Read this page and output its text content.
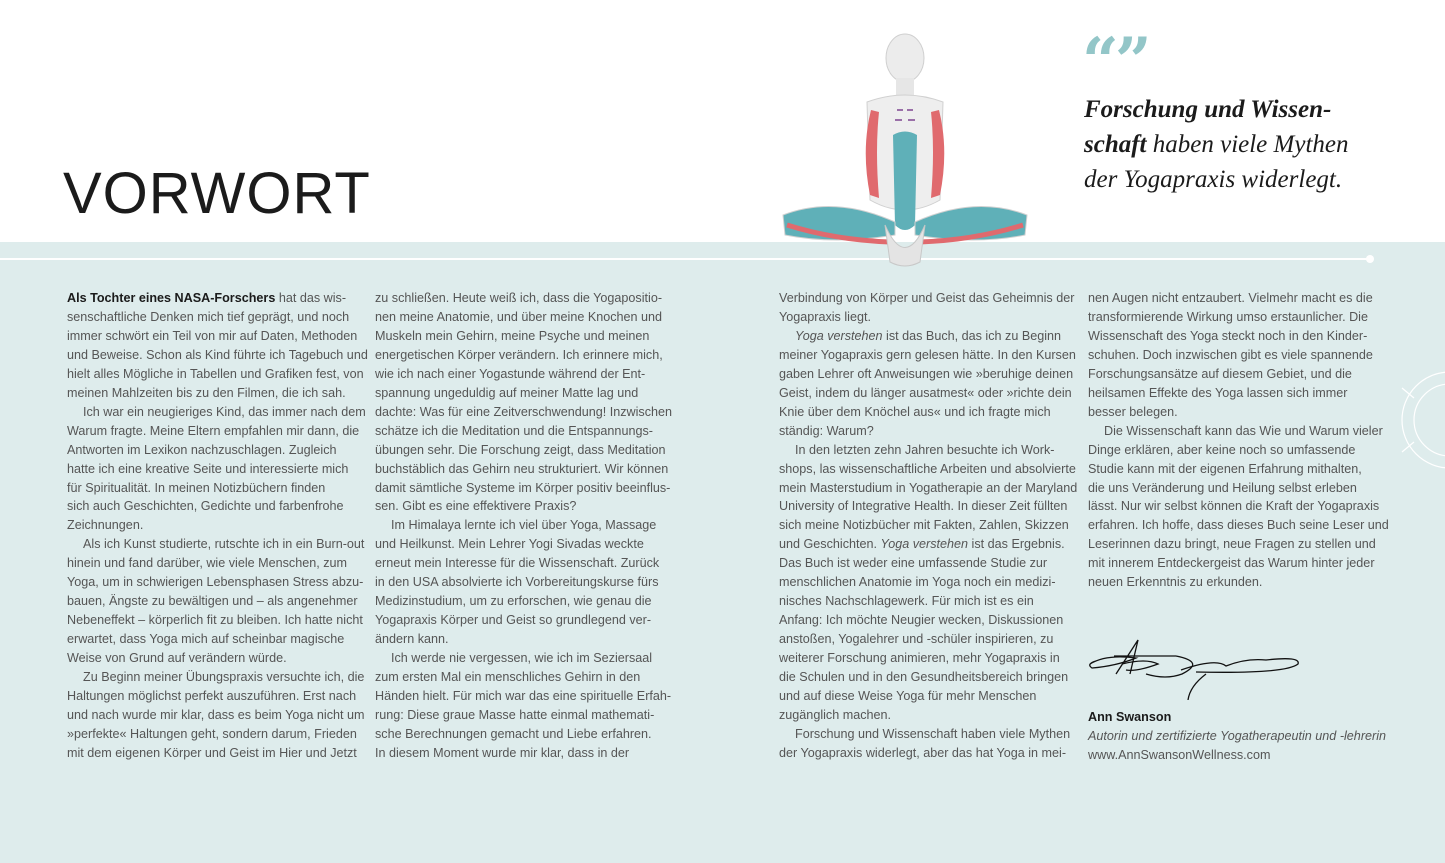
VORWORT
“”
Forschung und Wissen-
schaft haben viele Mythen
der Yogapraxis widerlegt.
Als Tochter eines NASA-Forschers hat das wis-
senschaftliche Denken mich tief geprägt, und noch
immer schwört ein Teil von mir auf Daten, Methoden
und Beweise. Schon als Kind führte ich Tagebuch und
hielt alles Mögliche in Tabellen und Grafiken fest, von
meinen Mahlzeiten bis zu den Filmen, die ich sah.
Ich war ein neugieriges Kind, das immer nach dem
Warum fragte. Meine Eltern empfahlen mir dann, die
Antworten im Lexikon nachzuschlagen. Zugleich
hatte ich eine kreative Seite und interessierte mich
für Spiritualität. In meinen Notizbüchern finden
sich auch Geschichten, Gedichte und farbenfrohe
Zeichnungen.
Als ich Kunst studierte, rutschte ich in ein Burn-out
hinein und fand darüber, wie viele Menschen, zum
Yoga, um in schwierigen Lebensphasen Stress abzu-
bauen, Ängste zu bewältigen und – als angenehmer
Nebeneffekt – körperlich fit zu bleiben. Ich hatte nicht
erwartet, dass Yoga mich auf scheinbar magische
Weise von Grund auf verändern würde.
Zu Beginn meiner Übungspraxis versuchte ich, die
Haltungen möglichst perfekt auszuführen. Erst nach
und nach wurde mir klar, dass es beim Yoga nicht um
»perfekte« Haltungen geht, sondern darum, Frieden
mit dem eigenen Körper und Geist im Hier und Jetzt
zu schließen. Heute weiß ich, dass die Yogapositio-
nen meine Anatomie, und über meine Knochen und
Muskeln mein Gehirn, meine Psyche und meinen
energetischen Körper verändern. Ich erinnere mich,
wie ich nach einer Yogastunde während der Ent-
spannung ungeduldig auf meiner Matte lag und
dachte: Was für eine Zeitverschwendung! Inzwischen
schätze ich die Meditation und die Entspannungs-
übungen sehr. Die Forschung zeigt, dass Meditation
buchstäblich das Gehirn neu strukturiert. Wir können
damit sämtliche Systeme im Körper positiv beeinflus-
sen. Gibt es eine effektivere Praxis?
Im Himalaya lernte ich viel über Yoga, Massage
und Heilkunst. Mein Lehrer Yogi Sivadas weckte
erneut mein Interesse für die Wissenschaft. Zurück
in den USA absolvierte ich Vorbereitungskurse fürs
Medizinstudium, um zu erforschen, wie genau die
Yogapraxis Körper und Geist so grundlegend ver-
ändern kann.
Ich werde nie vergessen, wie ich im Seziersaal
zum ersten Mal ein menschliches Gehirn in den
Händen hielt. Für mich war das eine spirituelle Erfah-
rung: Diese graue Masse hatte einmal mathemati-
sche Berechnungen gemacht und Liebe erfahren.
In diesem Moment wurde mir klar, dass in der
Verbindung von Körper und Geist das Geheimnis der
Yogapraxis liegt.
Yoga verstehen ist das Buch, das ich zu Beginn
meiner Yogapraxis gern gelesen hätte. In den Kursen
gaben Lehrer oft Anweisungen wie »beruhige deinen
Geist, indem du länger ausatmest« oder »richte dein
Knie über dem Knöchel aus« und ich fragte mich
ständig: Warum?
In den letzten zehn Jahren besuchte ich Work-
shops, las wissenschaftliche Arbeiten und absolvierte
mein Masterstudium in Yogatherapie an der Maryland
University of Integrative Health. In dieser Zeit füllten
sich meine Notizbücher mit Fakten, Zahlen, Skizzen
und Geschichten. Yoga verstehen ist das Ergebnis.
Das Buch ist weder eine umfassende Studie zur
menschlichen Anatomie im Yoga noch ein medizi-
nisches Nachschlagewerk. Für mich ist es ein
Anfang: Ich möchte Neugier wecken, Diskussionen
anstoßen, Yogalehrer und -schüler inspirieren, zu
weiterer Forschung animieren, mehr Yogapraxis in
die Schulen und in den Gesundheitsbereich bringen
und auf diese Weise Yoga für mehr Menschen
zugänglich machen.
Forschung und Wissenschaft haben viele Mythen
der Yogapraxis widerlegt, aber das hat Yoga in mei-
nen Augen nicht entzaubert. Vielmehr macht es die
transformierende Wirkung umso erstaunlicher. Die
Wissenschaft des Yoga steckt noch in den Kinder-
schuhen. Doch inzwischen gibt es viele spannende
Forschungsansätze auf diesem Gebiet, und die
heilsamen Effekte des Yoga lassen sich immer
besser belegen.
Die Wissenschaft kann das Wie und Warum vieler
Dinge erklären, aber keine noch so umfassende
Studie kann mit der eigenen Erfahrung mithalten,
die uns Veränderung und Heilung selbst erleben
lässt. Nur wir selbst können die Kraft der Yogapraxis
erfahren. Ich hoffe, dass dieses Buch seine Leser und
Leserinnen dazu bringt, neue Fragen zu stellen und
mit innerem Entdeckergeist das Warum hinter jeder
neuen Erkenntnis zu erkunden.
Ann Swanson
Autorin und zertifizierte Yogatherapeutin und -lehrerin
www.AnnSwansonWellness.com
